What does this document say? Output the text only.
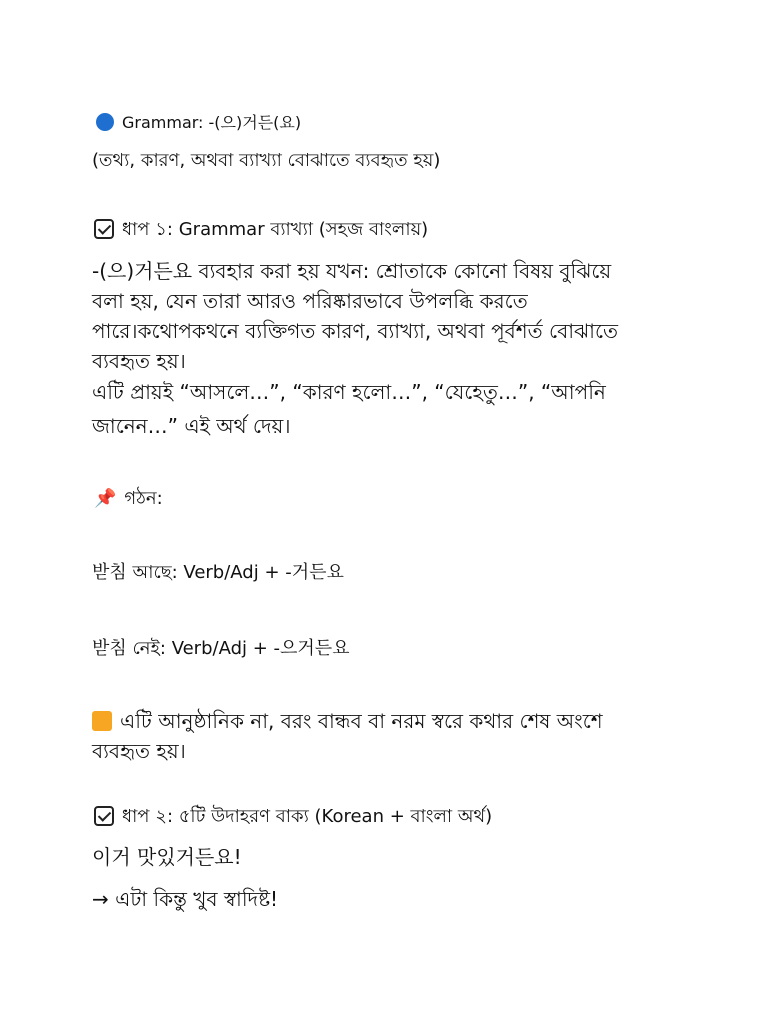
Grammar: -(으)거든(요)
(তথ্য, কারণ, অথবা ব্যাখ্যা বোঝাতে ব্যবহৃত হয়)
ধাপ ১: Grammar ব্যাখ্যা (সহজ বাংলায়)
-(으)거든요 ব্যবহার করা হয় যখন: শ্রোতাকে কোনো বিষয় বুঝিয়ে
বলা হয়, যেন তারা আরও পরিষ্কারভাবে উপলব্ধি করতে
পারে।কথোপকথনে ব্যক্তিগত কারণ, ব্যাখ্যা, অথবা পূর্বশর্ত বোঝাতে
ব্যবহৃত হয়।
এটি প্রায়ই “আসলে…”, “কারণ হলো…”, “যেহেতু…”, “আপনি
জানেন…” এই অর্থ দেয়।
📌 গঠন:
받침 আছে: Verb/Adj + -거든요
받침 নেই: Verb/Adj + -으거든요
এটি আনুষ্ঠানিক না, বরং বান্ধব বা নরম স্বরে কথার শেষ অংশে
ব্যবহৃত হয়।
ধাপ ২: ৫টি উদাহরণ বাক্য (Korean + বাংলা অর্থ)
이거 맛있거든요!
→ এটা কিন্তু খুব স্বাদিষ্ট!
